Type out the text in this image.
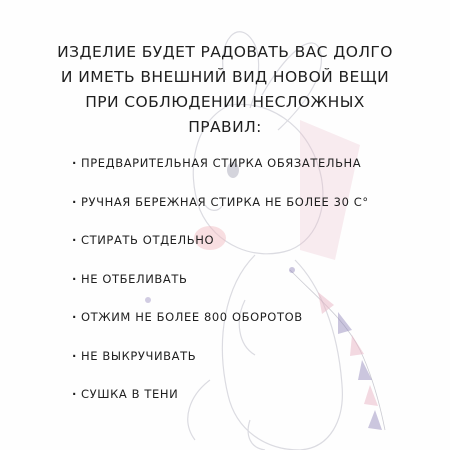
ИЗДЕЛИЕ БУДЕТ РАДОВАТЬ ВАС ДОЛГО
И ИМЕТЬ ВНЕШНИЙ ВИД НОВОЙ ВЕЩИ
ПРИ СОБЛЮДЕНИИ НЕСЛОЖНЫХ
ПРАВИЛ:
· ПРЕДВАРИТЕЛЬНАЯ СТИРКА ОБЯЗАТЕЛЬНА
· РУЧНАЯ БЕРЕЖНАЯ СТИРКА НЕ БОЛЕЕ 30 С°
· СТИРАТЬ ОТДЕЛЬНО
· НЕ ОТБЕЛИВАТЬ
· ОТЖИМ НЕ БОЛЕЕ 800 ОБОРОТОВ
· НЕ ВЫКРУЧИВАТЬ
· СУШКА В ТЕНИ
